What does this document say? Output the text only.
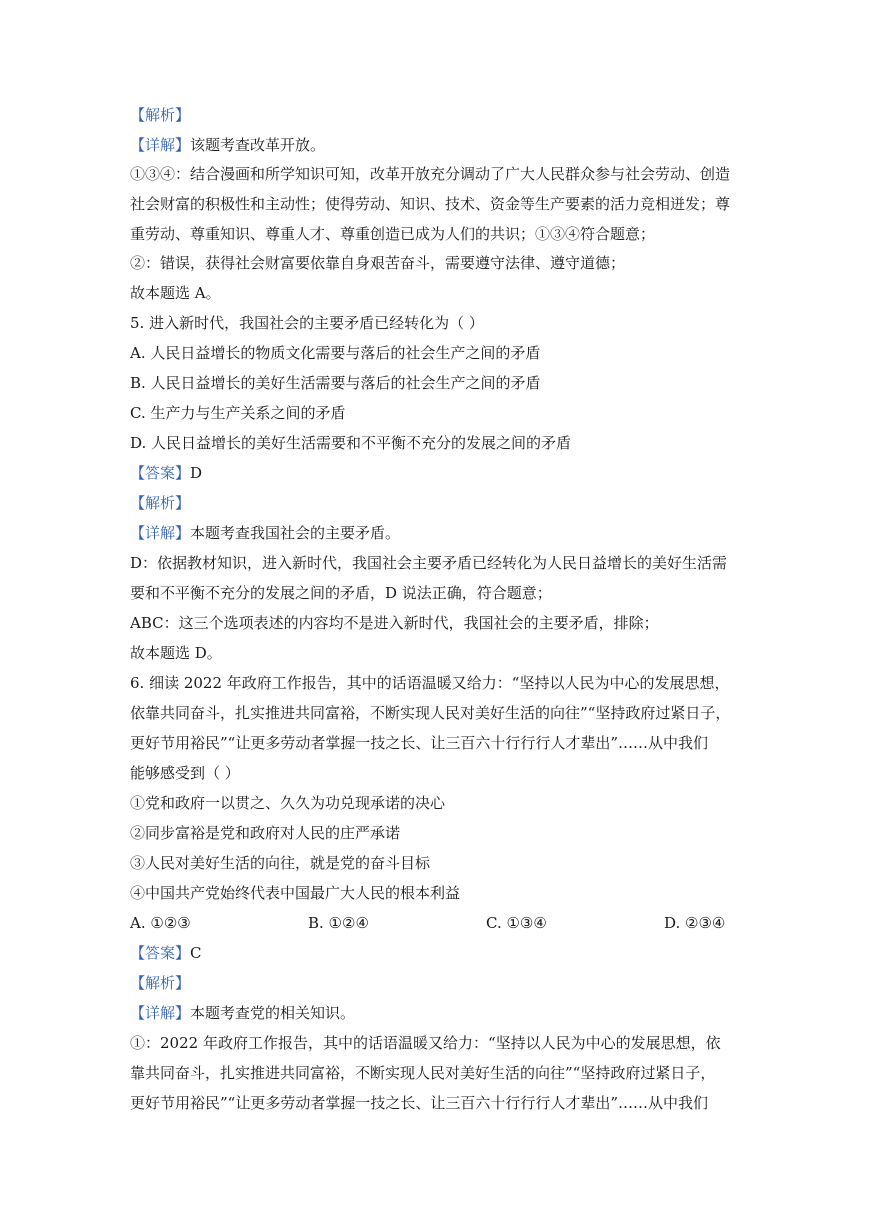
【解析】
【详解】该题考查改革开放。
①③④：结合漫画和所学知识可知，改革开放充分调动了广大人民群众参与社会劳动、创造
社会财富的积极性和主动性；使得劳动、知识、技术、资金等生产要素的活力竞相迸发；尊
重劳动、尊重知识、尊重人才、尊重创造已成为人们的共识；①③④符合题意；
②：错误，获得社会财富要依靠自身艰苦奋斗，需要遵守法律、遵守道德；
故本题选 A。
5. 进入新时代，我国社会的主要矛盾已经转化为（ ）
A. 人民日益增长的物质文化需要与落后的社会生产之间的矛盾
B. 人民日益增长的美好生活需要与落后的社会生产之间的矛盾
C. 生产力与生产关系之间的矛盾
D. 人民日益增长的美好生活需要和不平衡不充分的发展之间的矛盾
【答案】D
【解析】
【详解】本题考查我国社会的主要矛盾。
D：依据教材知识，进入新时代，我国社会主要矛盾已经转化为人民日益增长的美好生活需
要和不平衡不充分的发展之间的矛盾，D 说法正确，符合题意；
ABC：这三个选项表述的内容均不是进入新时代，我国社会的主要矛盾，排除；
故本题选 D。
6. 细读 2022 年政府工作报告，其中的话语温暖又给力：“坚持以人民为中心的发展思想，
依靠共同奋斗，扎实推进共同富裕，不断实现人民对美好生活的向往”“坚持政府过紧日子，
更好节用裕民”“让更多劳动者掌握一技之长、让三百六十行行行人才辈出”……从中我们
能够感受到（ ）
①党和政府一以贯之、久久为功兑现承诺的决心
②同步富裕是党和政府对人民的庄严承诺
③人民对美好生活的向往，就是党的奋斗目标
④中国共产党始终代表中国最广大人民的根本利益
A. ①②③	B. ①②④	C. ①③④	D. ②③④
【答案】C
【解析】
【详解】本题考查党的相关知识。
①：2022 年政府工作报告，其中的话语温暖又给力：“坚持以人民为中心的发展思想，依
靠共同奋斗，扎实推进共同富裕，不断实现人民对美好生活的向往”“坚持政府过紧日子，
更好节用裕民”“让更多劳动者掌握一技之长、让三百六十行行行人才辈出”……从中我们
